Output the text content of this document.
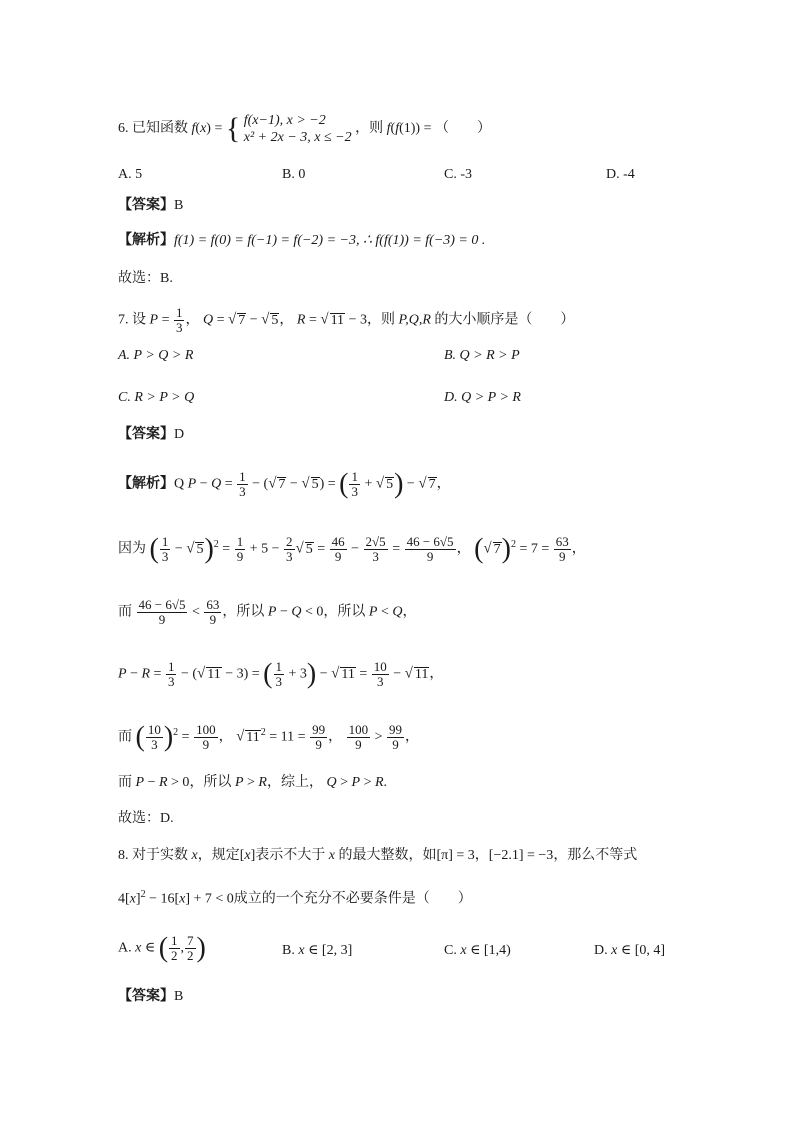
6. 已知函数 f(x) = { f(x−1), x > −2
x² + 2x − 3, x ≤ −2
，则 f(f(1)) = （　　）
A. 5	B. 0	C. -3	D. -4
【答案】B
【解析】f(1) = f(0) = f(−1) = f(−2) = −3, ∴ f(f(1)) = f(−3) = 0 .
故选：B.
7. 设 $P = \frac{1}{3}$ ， Q = √ 7 − √ 5， R = √ 11 − 3，则 P,Q,R 的大小顺序是（　　）
A. P > Q > R	B. Q > R > P
C. R > P > Q	D. Q > P > R
【答案】D
【解析】Q $P - Q = \frac{1}{3}$ − (√ 7 − √ 5) = ( $\frac{1}{3}$ + √ 5) − √ 7，
因为 ( $\frac{1}{3}$ − √ $5)^2 = \frac{1}{9} + 5 - \frac{2}{3}$ √ $5 = \frac{46}{9} - \frac{2√5}{3} = \frac{46 - 6√5}{9}$ ， (√ $7)^2 = 7 = \frac{63}{9}$ ，
而 $\frac{46 - 6√5}{9} < \frac{63}{9}$ ，所以 P − Q < 0，所以 P < Q，
$P - R = \frac{1}{3}$ − (√ 11 − 3) = ( $\frac{1}{3} + 3$) − √ $11 = \frac{10}{3}$ − √ 11，
而 ( $\frac{10}{3} )^2 = \frac{100}{9}$ ， √ $11^2 = 11 = \frac{99}{9}$ ， $\frac{100}{9} > \frac{99}{9}$ ，
而 P − R > 0，所以 P > R，综上， Q > P > R.
故选：D.
8. 对于实数 x，规定[x]表示不大于 x 的最大整数，如[π] = 3，[−2.1] = −3，那么不等式
$4[x]^2 - 16[x] + 7 < 0$成立的一个充分不必要条件是（　　）
A. x ∈ ( $\frac{1}{2}$ , $\frac{7}{2}$ )	B. x ∈ [2, 3]	C. x ∈ [1,4)	D. x ∈ [0, 4]
【答案】B
